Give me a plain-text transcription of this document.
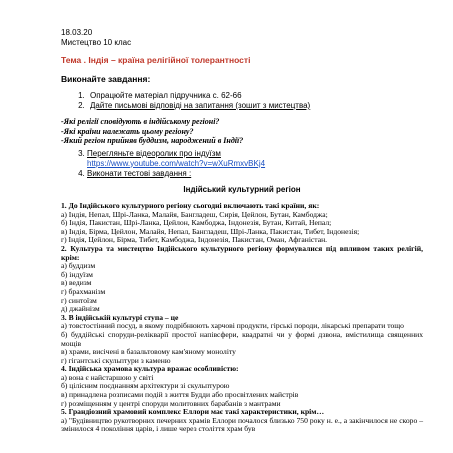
18.03.20
Мистецтво 10 клас
Тема . Індія – країна релігійної толерантності
Виконайте завдання:
1. Опрацюйте матеріал підручника с. 62-66
2. Дайте письмові відповіді на запитання (зошит з мистецтва)
-Які релігії сповідують в індійському регіоні?
-Які країни належать цьому регіону?
-Який регіон прийняв буддизм, народжений в Індії?
3. Перегляньте відеоролик про індуїзм
https://www.youtube.com/watch?v=wXuRmxvBKj4
4. Виконати тестові завдання :
Індійський культурний регіон
1. До Індійського культурного регіону сьогодні включають такі країни, як:
а) Індія, Непал, Шрі-Ланка, Малайя, Бангладеш, Сирія, Цейлон, Бутан, Камбоджа;
б) Індія, Пакистан, Шрі-Ланка, Цейлон, Камбоджа, Індонезія, Бутан, Китай, Непал;
в) Індія, Бірма, Цейлон, Малайя, Непал, Бангладеш, Шрі-Ланка, Пакистан, Тибет, Індонезія;
г) Індія, Цейлон, Бірма, Тибет, Камбоджа, Індонезія, Пакистан, Оман, Афганістан.
2. Культура та мистецтво Індійського культурного регіону формувалися під впливом таких релігій, крім:
а) буддизм
б) індуїзм
в) ведизм
г) брахманізм
г) синтоїзм
д) джайнізм
3. В індійській культурі ступа – це
а) товстостінний посуд, в якому подрібнюють харчові продукти, гірські породи, лікарські препарати тощо
б) буддійські споруди-релікварії простої напівсфери, квадратні чи у формі дзвона, вмістилища священних мощів
в) храми, висічені в базальтовому кам'яному моноліту
г) гігантські скульптури з каменю
4. Індійська храмова культура вражає особливістю:
а) вона є найстаршою у світі
б) цілісним поєднанням архітектури зі скульптурою
в) принадлена розписами подій з життя Будди або просвітлених майстрів
г) розміщенням у центрі споруди молитовних барабанів з мантрами
5. Грандіозний храмовий комплекс Еллори має такі характеристики, крім…
а) "Будівництво рукотворних печерних храмів Еллори почалося близько 750 року н. е., а закінчилося не скоро – змінилося 4 покоління царів, і лише через століття храм був
